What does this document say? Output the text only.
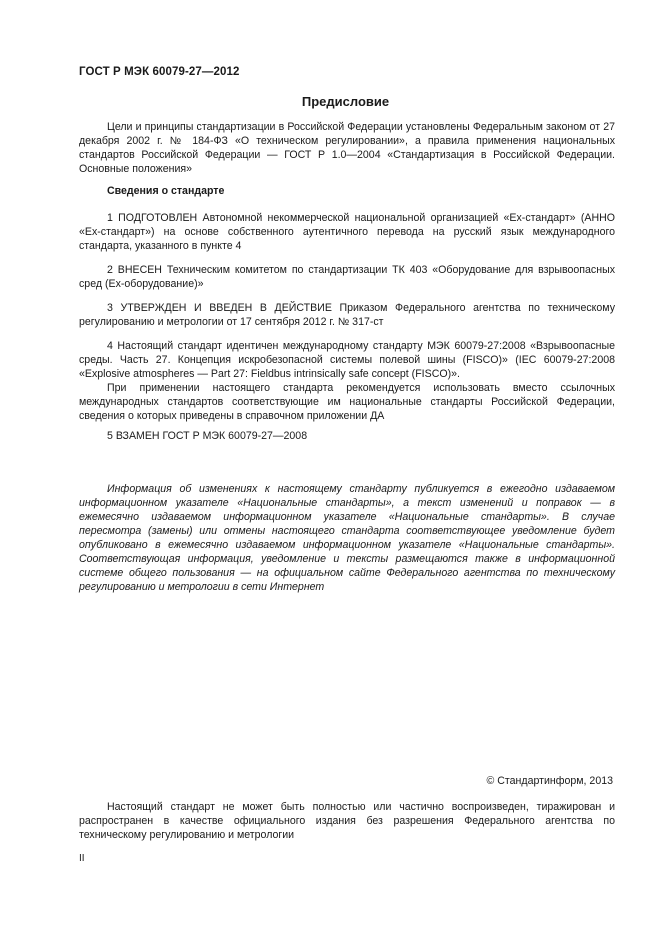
ГОСТ Р МЭК 60079-27—2012
Предисловие

Цели и принципы стандартизации в Российской Федерации установлены Федеральным законом от 27 декабря 2002 г. № 184-ФЗ «О техническом регулировании», а правила применения национальных стандартов Российской Федерации — ГОСТ Р 1.0—2004 «Стандартизация в Российской Федерации. Основные положения»

Сведения о стандарте

1 ПОДГОТОВЛЕН Автономной некоммерческой национальной организацией «Ех-стандарт» (АННО «Ех-стандарт») на основе собственного аутентичного перевода на русский язык международного стандарта, указанного в пункте 4

2 ВНЕСЕН Техническим комитетом по стандартизации ТК 403 «Оборудование для взрывоопасных сред (Ех-оборудование)»

3 УТВЕРЖДЕН И ВВЕДЕН В ДЕЙСТВИЕ Приказом Федерального агентства по техническому регулированию и метрологии от 17 сентября 2012 г. № 317-ст

4 Настоящий стандарт идентичен международному стандарту МЭК 60079-27:2008 «Взрывоопасные среды. Часть 27. Концепция искробезопасной системы полевой шины (FISCO)» (IEC 60079-27:2008 «Explosive atmospheres — Part 27: Fieldbus intrinsically safe concept (FISCO)».

При применении настоящего стандарта рекомендуется использовать вместо ссылочных международных стандартов соответствующие им национальные стандарты Российской Федерации, сведения о которых приведены в справочном приложении ДА

5 ВЗАМЕН ГОСТ Р МЭК 60079-27—2008

Информация об изменениях к настоящему стандарту публикуется в ежегодно издаваемом информационном указателе «Национальные стандарты», а текст изменений и поправок — в ежемесячно издаваемом информационном указателе «Национальные стандарты». В случае пересмотра (замены) или отмены настоящего стандарта соответствующее уведомление будет опубликовано в ежемесячно издаваемом информационном указателе «Национальные стандарты». Соответствующая информация, уведомление и тексты размещаются также в информационной системе общего пользования — на официальном сайте Федерального агентства по техническому регулированию и метрологии в сети Интернет

© Стандартинформ, 2013

Настоящий стандарт не может быть полностью или частично воспроизведен, тиражирован и распространен в качестве официального издания без разрешения Федерального агентства по техническому регулированию и метрологии

II
